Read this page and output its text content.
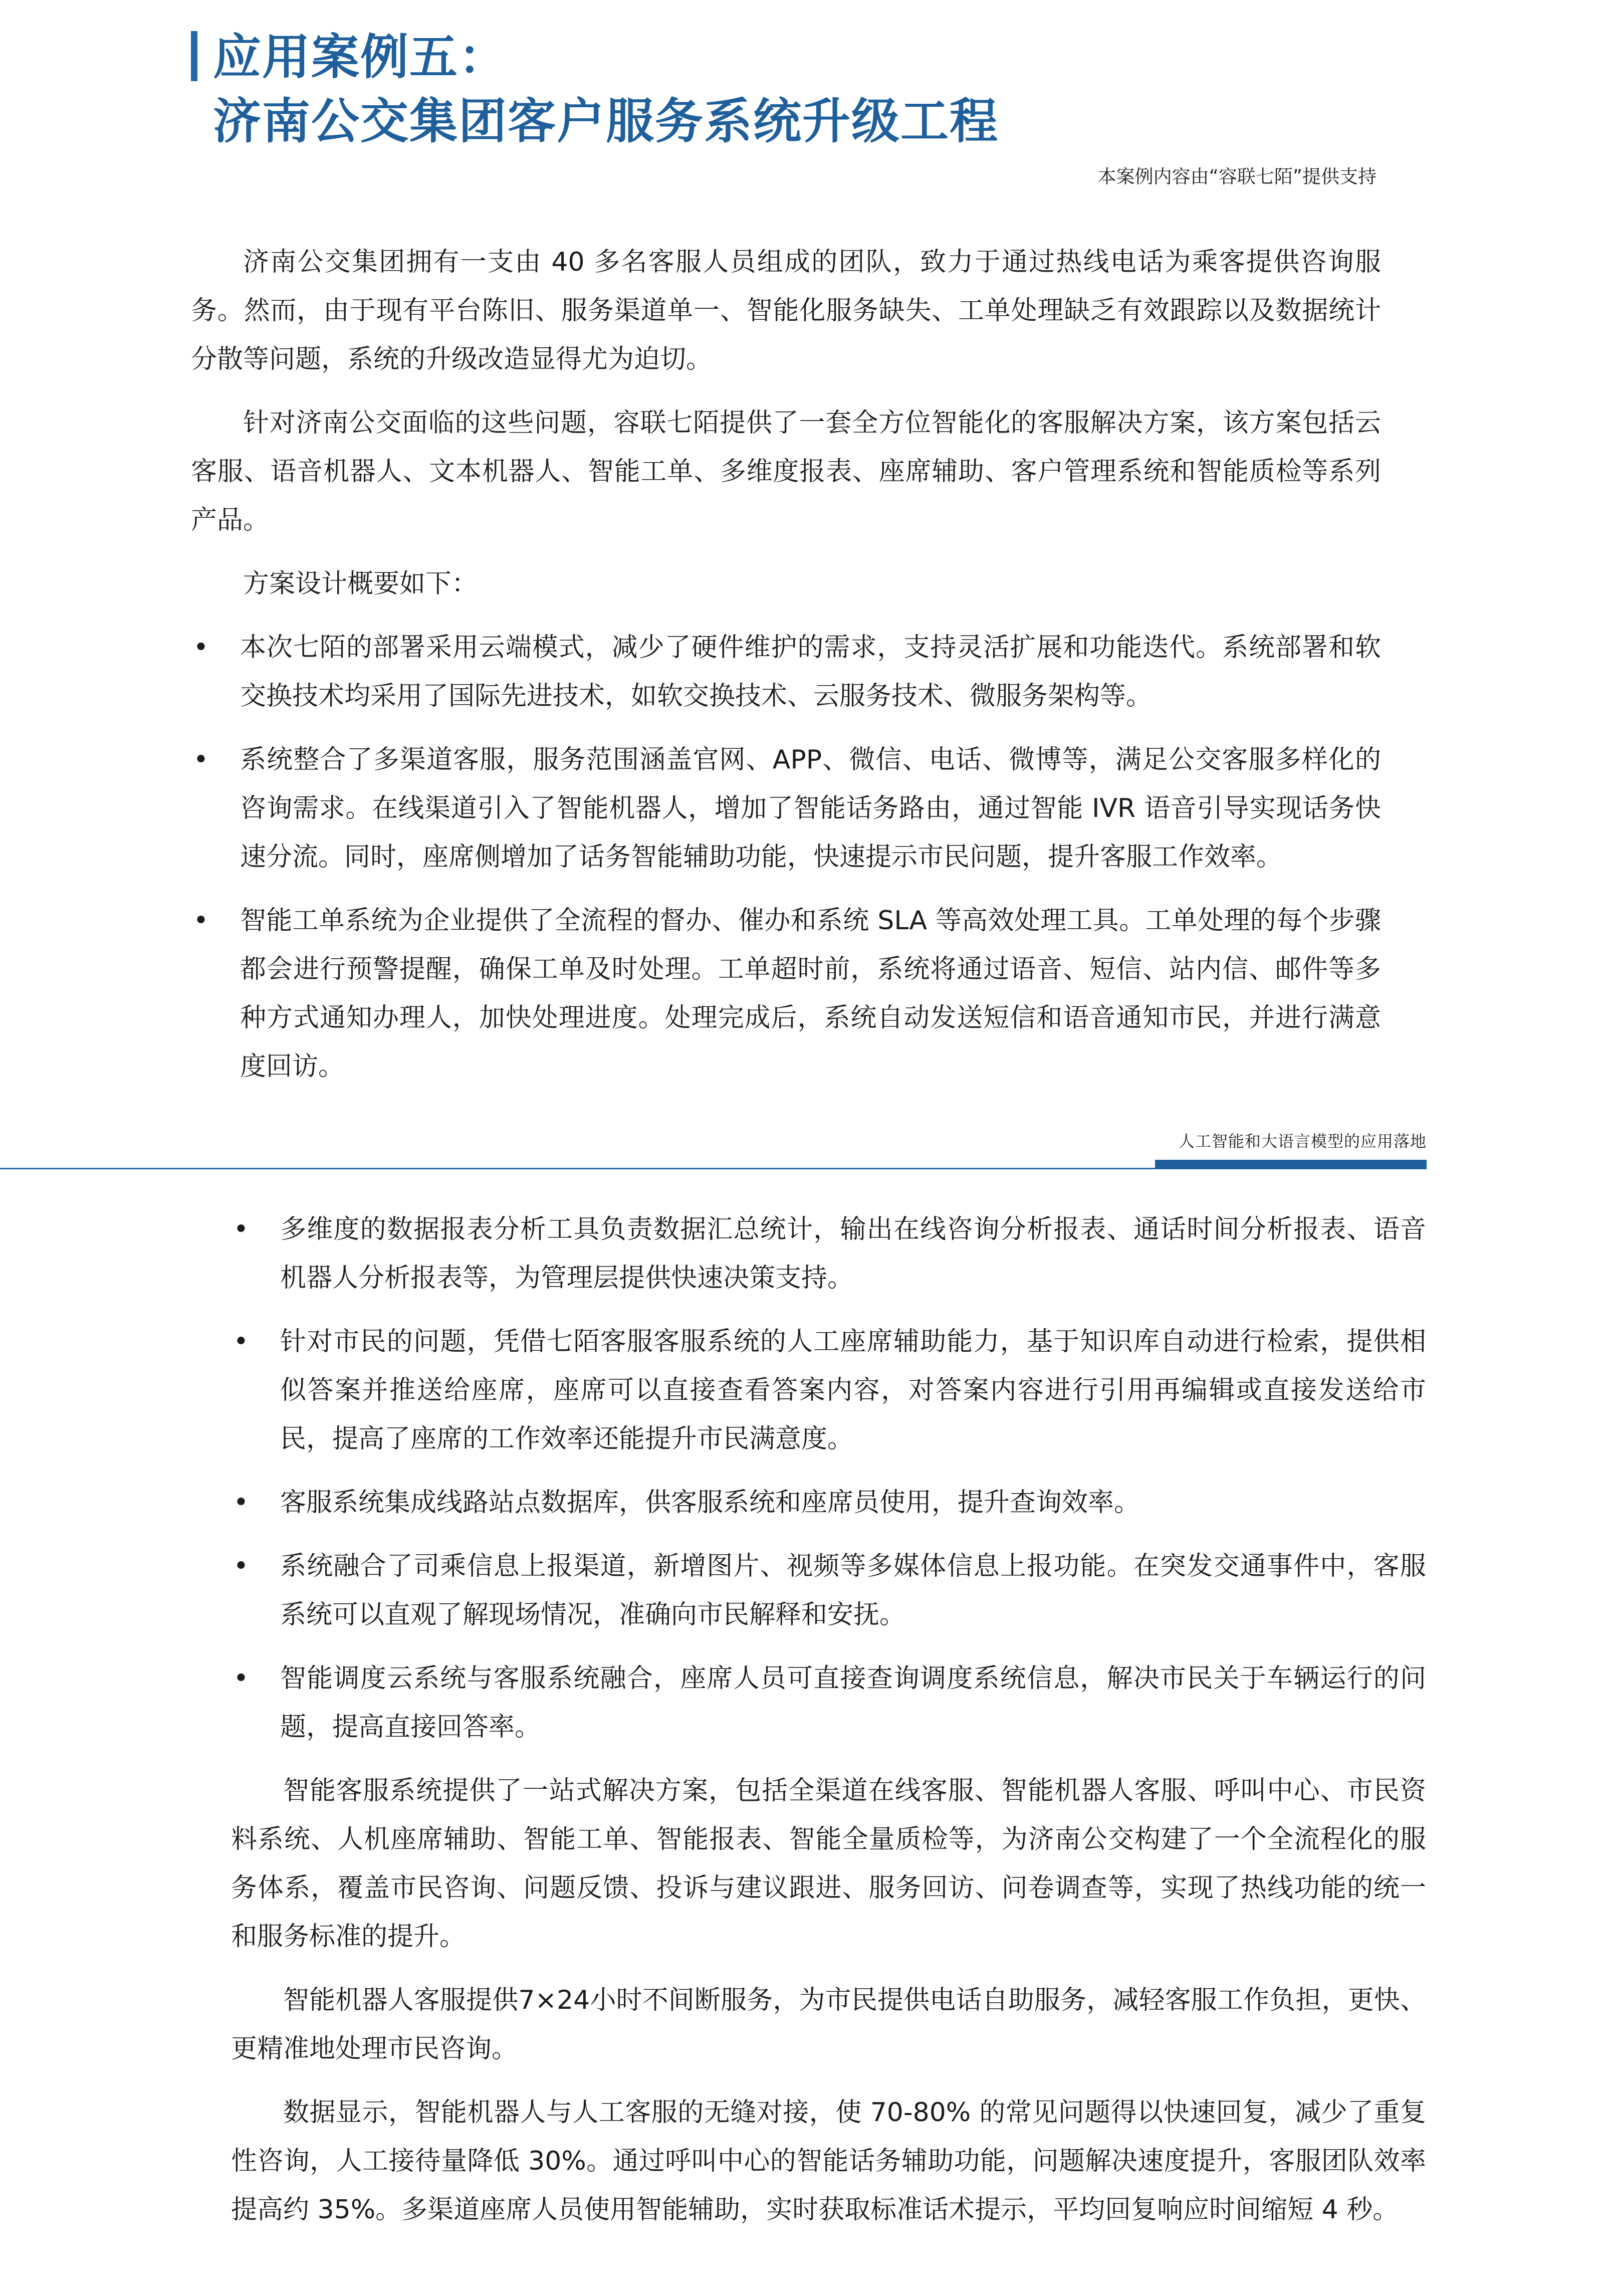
应用案例五：
济南公交集团客户服务系统升级工程
本案例内容由“容联七陌”提供支持

济南公交集团拥有一支由 40 多名客服人员组成的团队，致力于通过热线电话为乘客提供咨询服务。然而，由于现有平台陈旧、服务渠道单一、智能化服务缺失、工单处理缺乏有效跟踪以及数据统计分散等问题，系统的升级改造显得尤为迫切。

针对济南公交面临的这些问题，容联七陌提供了一套全方位智能化的客服解决方案，该方案包括云客服、语音机器人、文本机器人、智能工单、多维度报表、座席辅助、客户管理系统和智能质检等系列产品。

方案设计概要如下：

• 本次七陌的部署采用云端模式，减少了硬件维护的需求，支持灵活扩展和功能迭代。系统部署和软交换技术均采用了国际先进技术，如软交换技术、云服务技术、微服务架构等。
• 系统整合了多渠道客服，服务范围涵盖官网、APP、微信、电话、微博等，满足公交客服多样化的咨询需求。在线渠道引入了智能机器人，增加了智能话务路由，通过智能 IVR 语音引导实现话务快速分流。同时，座席侧增加了话务智能辅助功能，快速提示市民问题，提升客服工作效率。
• 智能工单系统为企业提供了全流程的督办、催办和系统 SLA 等高效处理工具。工单处理的每个步骤都会进行预警提醒，确保工单及时处理。工单超时前，系统将通过语音、短信、站内信、邮件等多种方式通知办理人，加快处理进度。处理完成后，系统自动发送短信和语音通知市民，并进行满意度回访。
人工智能和大语言模型的应用落地
• 多维度的数据报表分析工具负责数据汇总统计，输出在线咨询分析报表、通话时间分析报表、语音机器人分析报表等，为管理层提供快速决策支持。
• 针对市民的问题，凭借七陌客服客服系统的人工座席辅助能力，基于知识库自动进行检索，提供相似答案并推送给座席，座席可以直接查看答案内容，对答案内容进行引用再编辑或直接发送给市民，提高了座席的工作效率还能提升市民满意度。
• 客服系统集成线路站点数据库，供客服系统和座席员使用，提升查询效率。
• 系统融合了司乘信息上报渠道，新增图片、视频等多媒体信息上报功能。在突发交通事件中，客服系统可以直观了解现场情况，准确向市民解释和安抚。
• 智能调度云系统与客服系统融合，座席人员可直接查询调度系统信息，解决市民关于车辆运行的问题，提高直接回答率。

智能客服系统提供了一站式解决方案，包括全渠道在线客服、智能机器人客服、呼叫中心、市民资料系统、人机座席辅助、智能工单、智能报表、智能全量质检等，为济南公交构建了一个全流程化的服务体系，覆盖市民咨询、问题反馈、投诉与建议跟进、服务回访、问卷调查等，实现了热线功能的统一和服务标准的提升。

智能机器人客服提供7×24小时不间断服务，为市民提供电话自助服务，减轻客服工作负担，更快、更精准地处理市民咨询。

数据显示，智能机器人与人工客服的无缝对接，使 70-80% 的常见问题得以快速回复，减少了重复性咨询，人工接待量降低 30%。通过呼叫中心的智能话务辅助功能，问题解决速度提升，客服团队效率提高约 35%。多渠道座席人员使用智能辅助，实时获取标准话术提示，平均回复响应时间缩短 4 秒。
